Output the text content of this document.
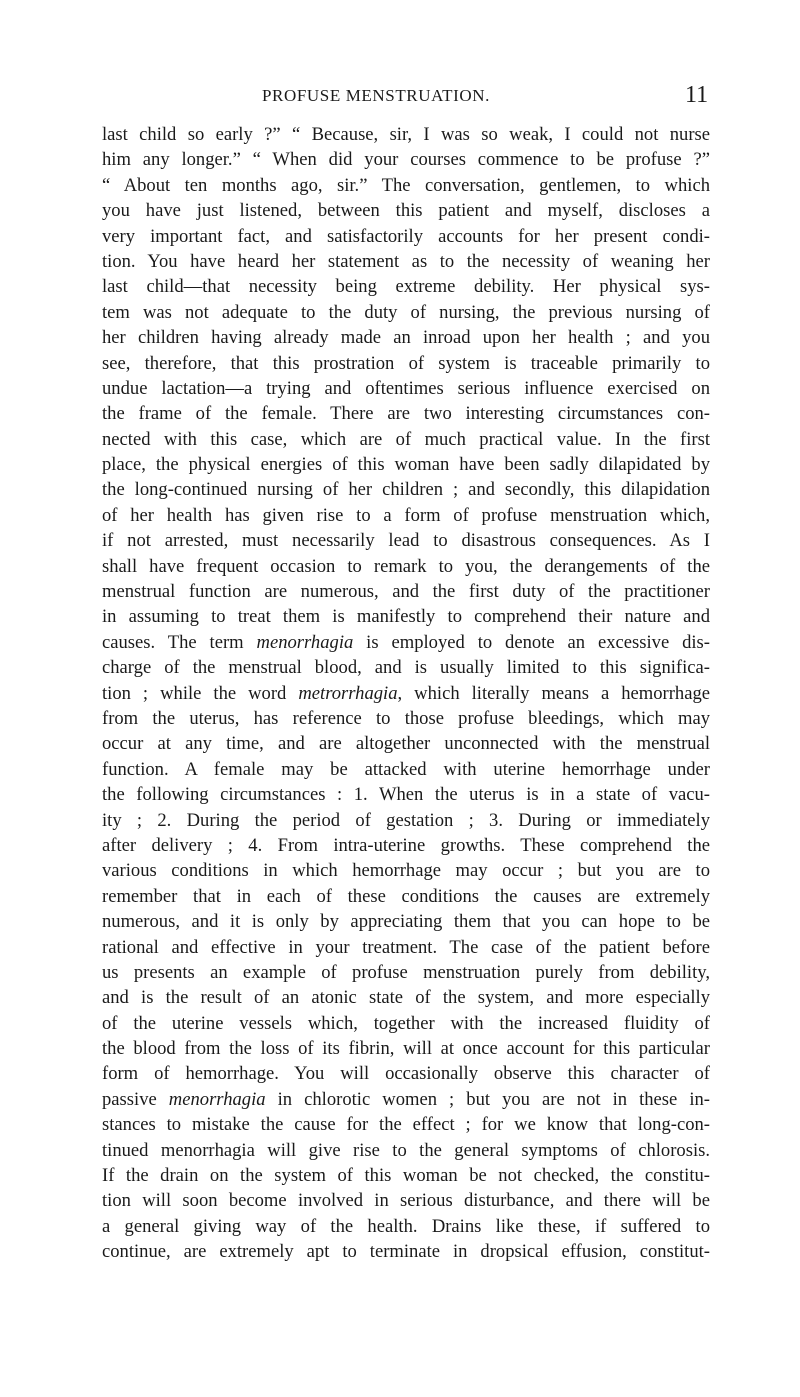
PROFUSE MENSTRUATION.	11
last child so early ?” “ Because, sir, I was so weak, I could not nurse
him any longer.” “ When did your courses commence to be profuse ?”
“ About ten months ago, sir.” The conversation, gentlemen, to which
you have just listened, between this patient and myself, discloses a
very important fact, and satisfactorily accounts for her present condi-
tion. You have heard her statement as to the necessity of weaning her
last child—that necessity being extreme debility. Her physical sys-
tem was not adequate to the duty of nursing, the previous nursing of
her children having already made an inroad upon her health ; and you
see, therefore, that this prostration of system is traceable primarily to
undue lactation—a trying and oftentimes serious influence exercised on
the frame of the female. There are two interesting circumstances con-
nected with this case, which are of much practical value. In the first
place, the physical energies of this woman have been sadly dilapidated by
the long-continued nursing of her children ; and secondly, this dilapidation
of her health has given rise to a form of profuse menstruation which,
if not arrested, must necessarily lead to disastrous consequences. As I
shall have frequent occasion to remark to you, the derangements of the
menstrual function are numerous, and the first duty of the practitioner
in assuming to treat them is manifestly to comprehend their nature and
causes. The term menorrhagia is employed to denote an excessive dis-
charge of the menstrual blood, and is usually limited to this significa-
tion ; while the word metrorrhagia, which literally means a hemorrhage
from the uterus, has reference to those profuse bleedings, which may
occur at any time, and are altogether unconnected with the menstrual
function. A female may be attacked with uterine hemorrhage under
the following circumstances : 1. When the uterus is in a state of vacu-
ity ; 2. During the period of gestation ; 3. During or immediately
after delivery ; 4. From intra-uterine growths. These comprehend the
various conditions in which hemorrhage may occur ; but you are to
remember that in each of these conditions the causes are extremely
numerous, and it is only by appreciating them that you can hope to be
rational and effective in your treatment. The case of the patient before
us presents an example of profuse menstruation purely from debility,
and is the result of an atonic state of the system, and more especially
of the uterine vessels which, together with the increased fluidity of
the blood from the loss of its fibrin, will at once account for this particular
form of hemorrhage. You will occasionally observe this character of
passive menorrhagia in chlorotic women ; but you are not in these in-
stances to mistake the cause for the effect ; for we know that long-con-
tinued menorrhagia will give rise to the general symptoms of chlorosis.
If the drain on the system of this woman be not checked, the constitu-
tion will soon become involved in serious disturbance, and there will be
a general giving way of the health. Drains like these, if suffered to
continue, are extremely apt to terminate in dropsical effusion, constitut-
